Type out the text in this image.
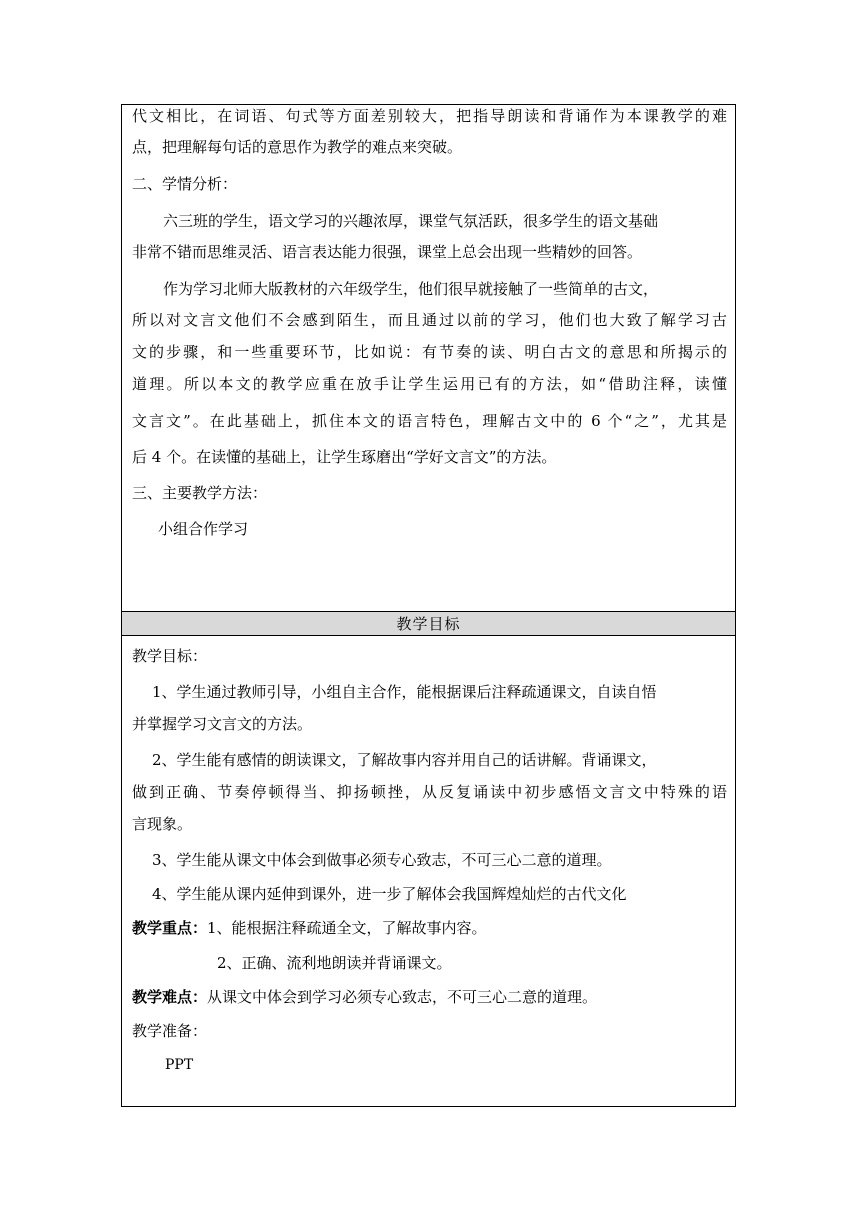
代文相比，在词语、句式等方面差别较大，把指导朗读和背诵作为本课教学的难
点，把理解每句话的意思作为教学的难点来突破。
二、学情分析：
六三班的学生，语文学习的兴趣浓厚，课堂气氛活跃，很多学生的语文基础
非常不错而思维灵活、语言表达能力很强，课堂上总会出现一些精妙的回答。
作为学习北师大版教材的六年级学生，他们很早就接触了一些简单的古文，
所以对文言文他们不会感到陌生，而且通过以前的学习，他们也大致了解学习古
文的步骤，和一些重要环节，比如说：有节奏的读、明白古文的意思和所揭示的
道理。所以本文的教学应重在放手让学生运用已有的方法，如“借助注释，读懂
文言文”。在此基础上，抓住本文的语言特色，理解古文中的 6 个“之”，尤其是
后 4 个。在读懂的基础上，让学生琢磨出“学好文言文”的方法。
三、主要教学方法：
小组合作学习
教学目标
教学目标：
1、学生通过教师引导，小组自主合作，能根据课后注释疏通课文，自读自悟
并掌握学习文言文的方法。
2、学生能有感情的朗读课文，了解故事内容并用自己的话讲解。背诵课文，
做到正确、节奏停顿得当、抑扬顿挫，从反复诵读中初步感悟文言文中特殊的语
言现象。
3、学生能从课文中体会到做事必须专心致志，不可三心二意的道理。
4、学生能从课内延伸到课外，进一步了解体会我国辉煌灿烂的古代文化
教学重点：1、能根据注释疏通全文，了解故事内容。
2、正确、流利地朗读并背诵课文。
教学难点：从课文中体会到学习必须专心致志，不可三心二意的道理。
教学准备：
PPT
